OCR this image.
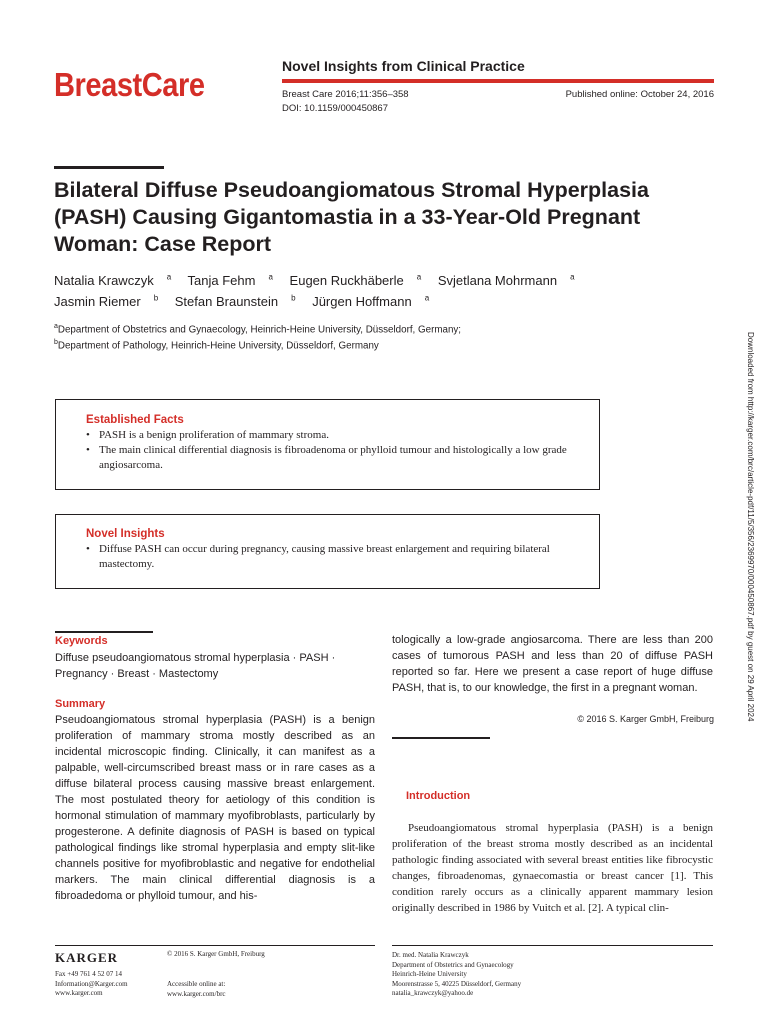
BreastCare	Novel Insights from Clinical Practice
Breast Care 2016;11:356–358
DOI: 10.1159/000450867
Published online: October 24, 2016
Bilateral Diffuse Pseudoangiomatous Stromal Hyperplasia (PASH) Causing Gigantomastia in a 33-Year-Old Pregnant Woman: Case Report
Natalia Krawczyk $^a$ Tanja Fehm $^a$ Eugen Ruckhäberle $^a$ Svjetlana Mohrmann $^a$
Jasmin Riemer $^b$ Stefan Braunstein $^b$ Jürgen Hoffmann $^a$
$^a$Department of Obstetrics and Gynaecology, Heinrich-Heine University, Düsseldorf, Germany;
$^b$Department of Pathology, Heinrich-Heine University, Düsseldorf, Germany	Downloaded from http://karger.com/brc/article-pdf/11/5/356/2369970/000450867.pdf by guest on 29 April 2024
Established Facts
• PASH is a benign proliferation of mammary stroma.
• The main clinical differential diagnosis is fibroadenoma or phylloid tumour and histologically a low grade angiosarcoma.
Novel Insights
• Diffuse PASH can occur during pregnancy, causing massive breast enlargement and requiring bilateral mastectomy.
Keywords
Diffuse pseudoangiomatous stromal hyperplasia · PASH · Pregnancy · Breast · Mastectomy
Summary
Pseudoangiomatous stromal hyperplasia (PASH) is a benign proliferation of mammary stroma mostly described as an incidental microscopic finding. Clinically, it can manifest as a palpable, well-circumscribed breast mass or in rare cases as a diffuse bilateral process causing massive breast enlargement. The most postulated theory for aetiology of this condition is hormonal stimulation of mammary myofibroblasts, particularly by progesterone. A definite diagnosis of PASH is based on typical pathological findings like stromal hyperplasia and empty slit-like channels positive for myofibroblastic and negative for endothelial markers. The main clinical differential diagnosis is a fibroadedoma or phylloid tumour, and his-
tologically a low-grade angiosarcoma. There are less than 200 cases of tumorous PASH and less than 20 of diffuse PASH reported so far. Here we present a case report of huge diffuse PASH, that is, to our knowledge, the first in a pregnant woman.
© 2016 S. Karger GmbH, Freiburg
Introduction

Pseudoangiomatous stromal hyperplasia (PASH) is a benign proliferation of the breast stroma mostly described as an incidental pathologic finding associated with several breast entities like fibrocystic changes, fibroadenomas, gynaecomastia or breast cancer [1]. This condition rarely occurs as a clinically apparent mammary lesion originally described in 1986 by Vuitch et al. [2]. A typical clin-

KARGER
Fax +49 761 4 52 07 14
Information@Karger.com
www.karger.com
© 2016 S. Karger GmbH, Freiburg
Accessible online at:
www.karger.com/brc
Dr. med. Natalia Krawczyk
Department of Obstetrics and Gynaecology
Heinrich-Heine University
Moorenstrasse 5, 40225 Düsseldorf, Germany
natalia_krawczyk@yahoo.de
